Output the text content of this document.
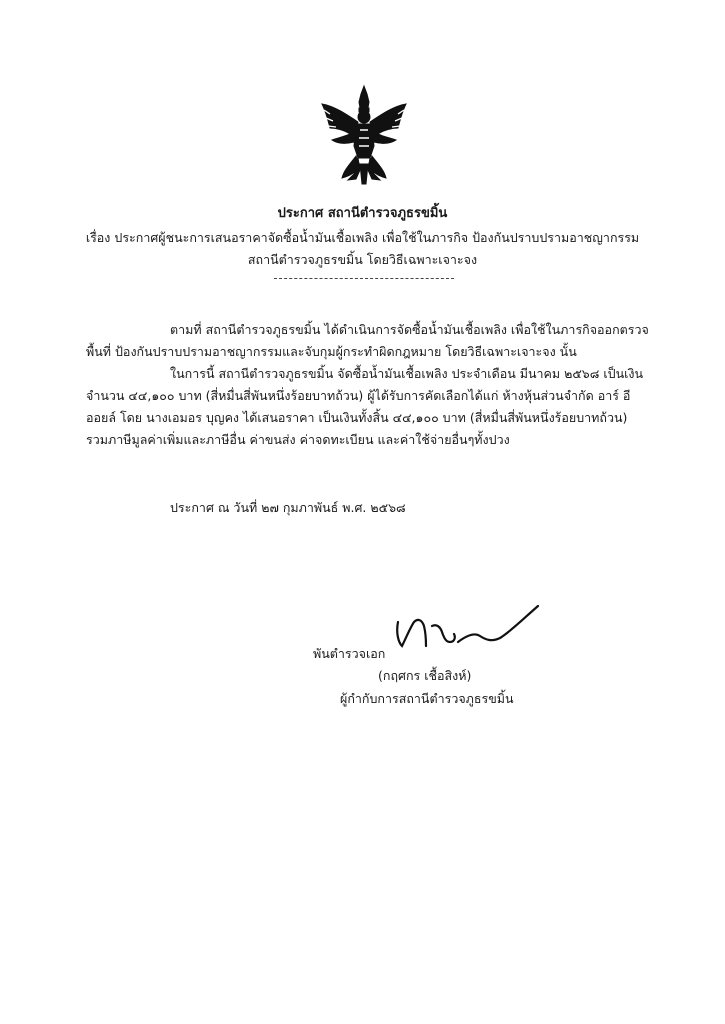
ประกาศ สถานีตำรวจภูธรขมิ้น
เรื่อง ประกาศผู้ชนะการเสนอราคาจัดซื้อน้ำมันเชื้อเพลิง เพื่อใช้ในภารกิจ ป้องกันปราบปรามอาชญากรรม
สถานีตำรวจภูธรขมิ้น โดยวิธีเฉพาะเจาะจง
ตามที่ สถานีตำรวจภูธรขมิ้น ได้ดำเนินการจัดซื้อน้ำมันเชื้อเพลิง เพื่อใช้ในภารกิจออกตรวจ
พื้นที่ ป้องกันปราบปรามอาชญากรรมและจับกุมผู้กระทำผิดกฎหมาย โดยวิธีเฉพาะเจาะจง นั้น
ในการนี้ สถานีตำรวจภูธรขมิ้น จัดซื้อน้ำมันเชื้อเพลิง ประจำเดือน มีนาคม ๒๕๖๘ เป็นเงิน
จำนวน ๔๔,๑๐๐ บาท (สี่หมื่นสี่พันหนึ่งร้อยบาทถ้วน) ผู้ได้รับการคัดเลือกได้แก่ ห้างหุ้นส่วนจำกัด อาร์ อี
ออยล์ โดย นางเอมอร บุญคง ได้เสนอราคา เป็นเงินทั้งสิ้น ๔๔,๑๐๐ บาท (สี่หมื่นสี่พันหนึ่งร้อยบาทถ้วน)
รวมภาษีมูลค่าเพิ่มและภาษีอื่น ค่าขนส่ง ค่าจดทะเบียน และค่าใช้จ่ายอื่นๆทั้งปวง
ประกาศ ณ วันที่ ๒๗ กุมภาพันธ์ พ.ศ. ๒๕๖๘
พันตำรวจเอก
(กฤศกร เชื้อสิงห์)
ผู้กำกับการสถานีตำรวจภูธรขมิ้น
